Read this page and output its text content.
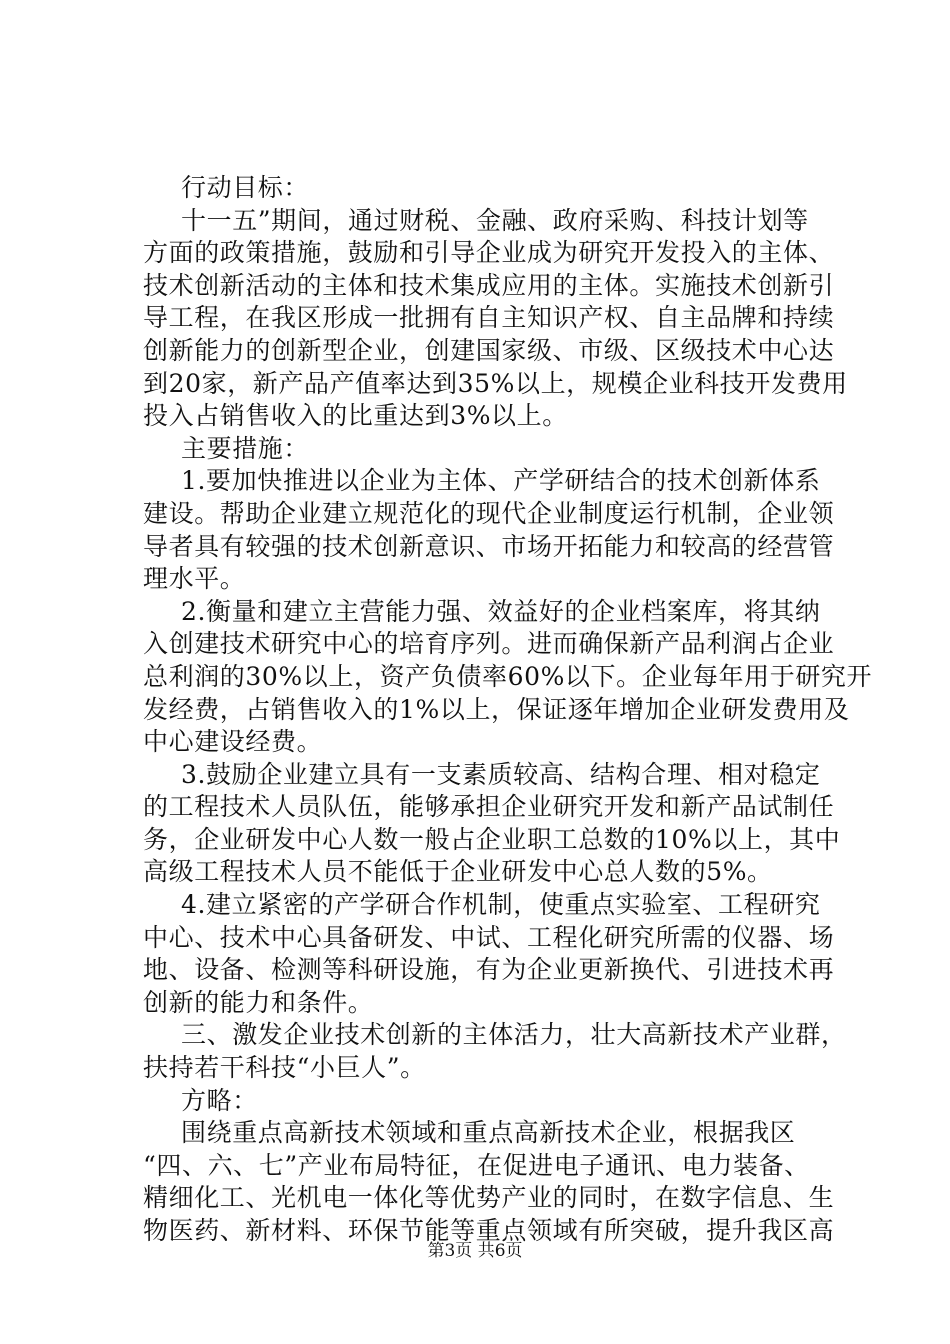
行动目标：
十一五”期间，通过财税、金融、政府采购、科技计划等
方面的政策措施，鼓励和引导企业成为研究开发投入的主体、
技术创新活动的主体和技术集成应用的主体。实施技术创新引
导工程，在我区形成一批拥有自主知识产权、自主品牌和持续
创新能力的创新型企业，创建国家级、市级、区级技术中心达
到20家，新产品产值率达到35%以上，规模企业科技开发费用
投入占销售收入的比重达到3%以上。
主要措施：
1.要加快推进以企业为主体、产学研结合的技术创新体系
建设。帮助企业建立规范化的现代企业制度运行机制，企业领
导者具有较强的技术创新意识、市场开拓能力和较高的经营管
理水平。
2.衡量和建立主营能力强、效益好的企业档案库，将其纳
入创建技术研究中心的培育序列。进而确保新产品利润占企业
总利润的30%以上，资产负债率60%以下。企业每年用于研究开
发经费，占销售收入的1%以上，保证逐年增加企业研发费用及
中心建设经费。
3.鼓励企业建立具有一支素质较高、结构合理、相对稳定
的工程技术人员队伍，能够承担企业研究开发和新产品试制任
务，企业研发中心人数一般占企业职工总数的10%以上，其中
高级工程技术人员不能低于企业研发中心总人数的5%。
4.建立紧密的产学研合作机制，使重点实验室、工程研究
中心、技术中心具备研发、中试、工程化研究所需的仪器、场
地、设备、检测等科研设施，有为企业更新换代、引进技术再
创新的能力和条件。
三、激发企业技术创新的主体活力，壮大高新技术产业群，
扶持若干科技“小巨人”。
方略：
围绕重点高新技术领域和重点高新技术企业，根据我区
“四、六、七”产业布局特征，在促进电子通讯、电力装备、
精细化工、光机电一体化等优势产业的同时，在数字信息、生
物医药、新材料、环保节能等重点领域有所突破，提升我区高
第3页 共6页
